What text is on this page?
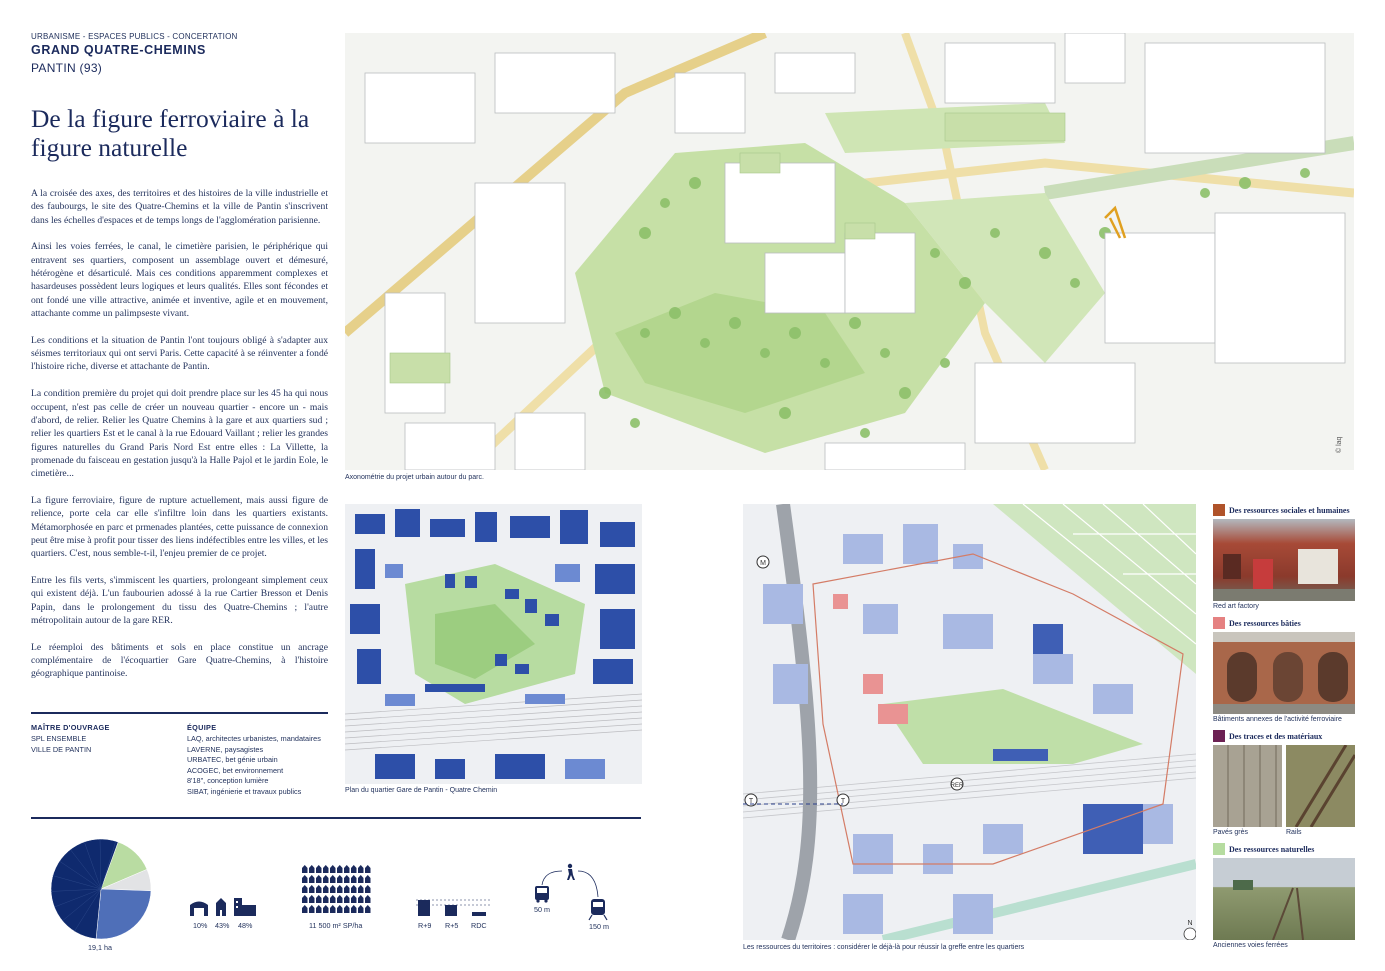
URBANISME - ESPACES PUBLICS - CONCERTATION
GRAND QUATRE-CHEMINS
PANTIN (93)
De la figure ferroviaire à la figure naturelle

A la croisée des axes, des territoires et des histoires de la ville industrielle et des faubourgs, le site des Quatre-Chemins et la ville de Pantin s'inscrivent dans les échelles d'espaces et de temps longs de l'agglomération parisienne.

Ainsi les voies ferrées, le canal, le cimetière parisien, le périphérique qui entravent ses quartiers, composent un assemblage ouvert et démesuré, hétérogène et désarticulé. Mais ces conditions apparemment complexes et hasardeuses possèdent leurs logiques et leurs qualités. Elles sont fécondes et ont fondé une ville attractive, animée et inventive, agile et en mouvement, attachante comme un palimpseste vivant.

Les conditions et la situation de Pantin l'ont toujours obligé à s'adapter aux séismes territoriaux qui ont servi Paris. Cette capacité à se réinventer a fondé l'histoire riche, diverse et attachante de Pantin.

La condition première du projet qui doit prendre place sur les 45 ha qui nous occupent, n'est pas celle de créer un nouveau quartier - encore un - mais d'abord, de relier. Relier les Quatre Chemins à la gare et aux quartiers sud ; relier les quartiers Est et le canal à la rue Edouard Vaillant ; relier les grandes figures naturelles du Grand Paris Nord Est entre elles : La Villette, la promenade du faisceau en gestation jusqu'à la Halle Pajol et le jardin Eole, le cimetière...

La figure ferroviaire, figure de rupture actuellement, mais aussi figure de relience, porte cela car elle s'infiltre loin dans les quartiers existants. Métamorphosée en parc et prmenades plantées, cette puissance de connexion peut être mise à profit pour tisser des liens indéfectibles entre les villes, et les quartiers. C'est, nous semble-t-il, l'enjeu premier de ce projet.

Entre les fils verts, s'immiscent les quartiers, prolongeant simplement ceux qui existent déjà. L'un faubourien adossé à la rue Cartier Bresson et Denis Papin, dans le prolongement du tissu des Quatre-Chemins ; l'autre métropolitain autour de la gare RER.

Le réemploi des bâtiments et sols en place constitue un ancrage complémentaire de l'écoquartier Gare Quatre-Chemins, à l'histoire géographique pantinoise.

MAÎTRE D'OUVRAGE
SPL ENSEMBLE
VILLE DE PANTIN
ÉQUIPE
LAQ, architectes urbanistes, mandataires
LAVERNE, paysagistes
URBATEC, bet génie urbain
ACOGEC, bet environnement
8'18", conception lumière
SIBAT, ingénierie et travaux publics
© laq
Axonométrie du projet urbain autour du parc.
Plan du quartier Gare de Pantin - Quatre Chemin
M
T	T
RER
N
Les ressources du territoires : considérer le déjà-là pour réussir la greffe entre les quartiers
Des ressources sociales et humaines
Red art factory
Des ressources bâties
Bâtiments annexes de l'activité ferroviaire
Des traces et des matériaux
Pavés grès	Rails
Des ressources naturelles
Anciennes voies ferrées
19,1 ha
10% 43% 48%	11 500 m² SP/ha	R+9 R+5 RDC
50 m
150 m
